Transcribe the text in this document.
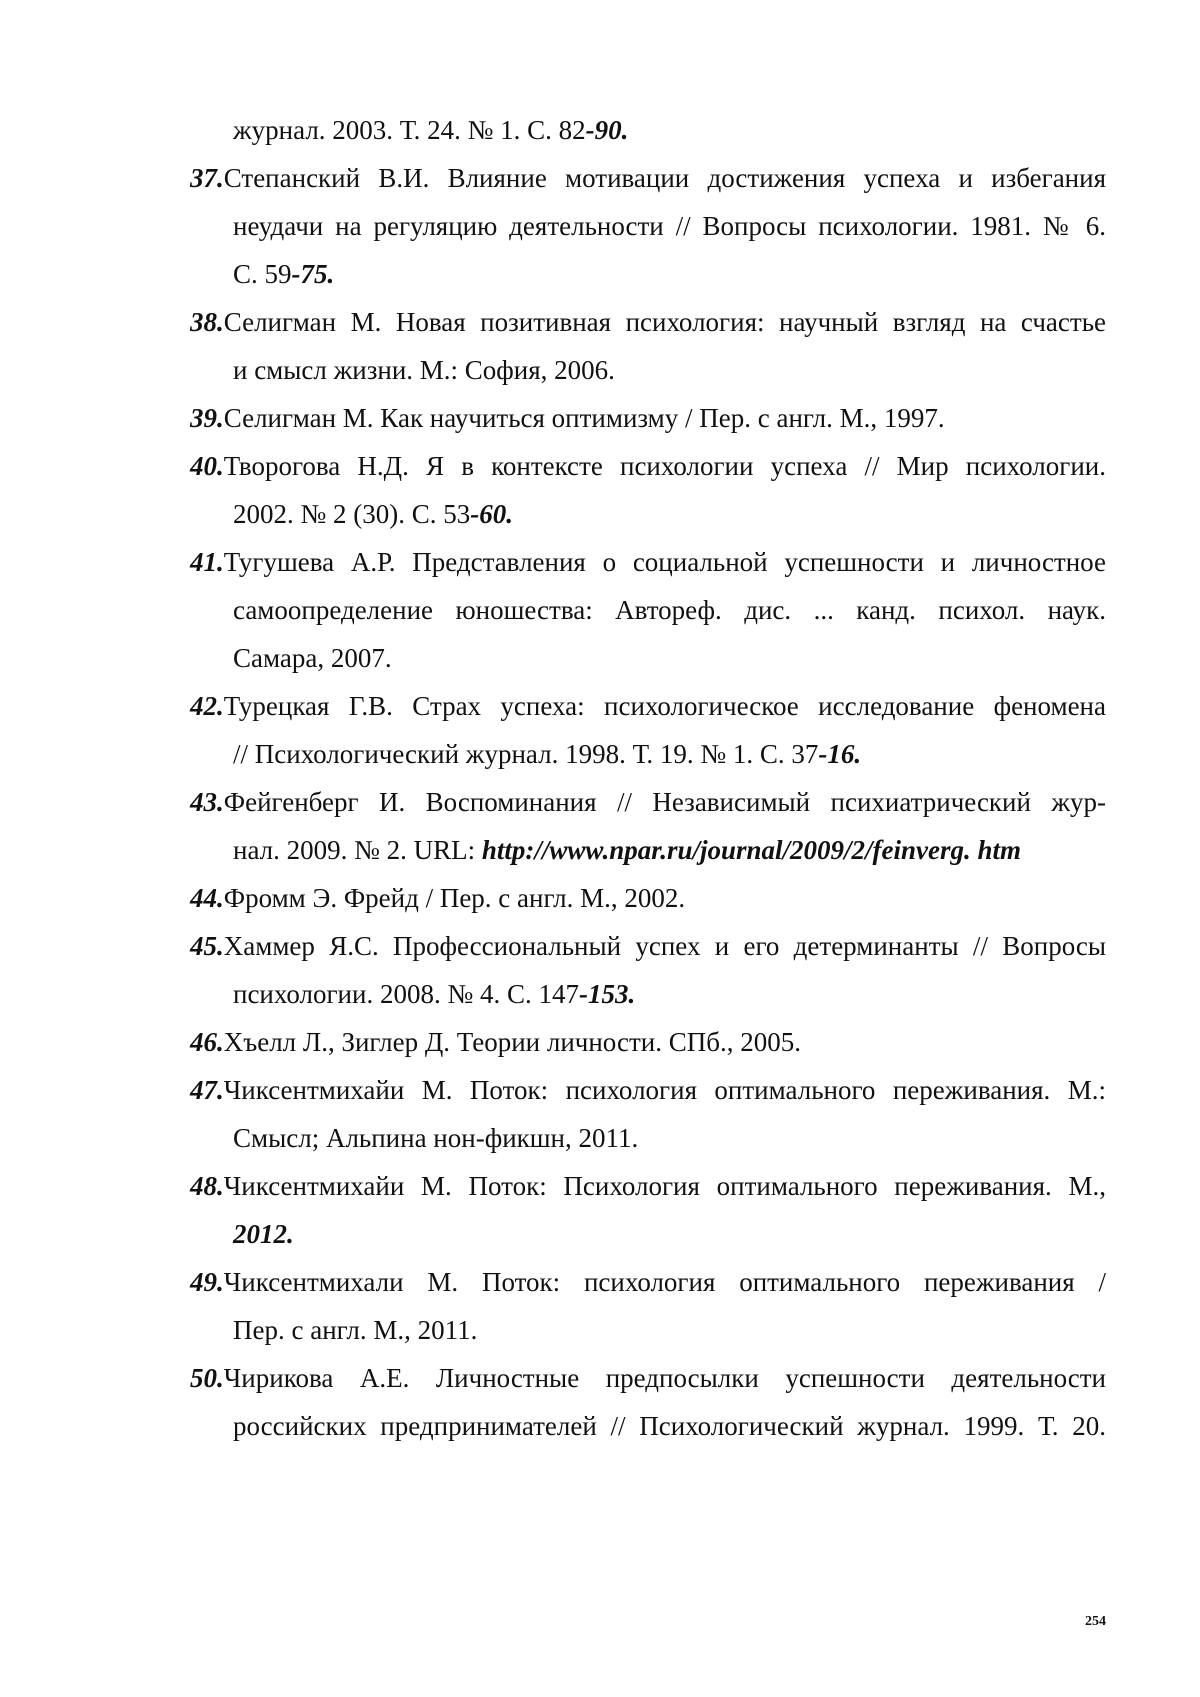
журнал. 2003. Т. 24. № 1. С. 82-90.
37.Степанский В.И. Влияние мотивации достижения успеха и избегания
неудачи на регуляцию деятельности // Вопросы психологии. 1981. № 6.
С. 59-75.
38.Селигман М. Новая позитивная психология: научный взгляд на счастье
и смысл жизни. М.: София, 2006.
39.Селигман М. Как научиться оптимизму / Пер. с англ. М., 1997.
40.Творогова Н.Д. Я в контексте психологии успеха // Мир психологии.
2002. № 2 (30). С. 53-60.
41.Тугушева А.Р. Представления о социальной успешности и личностное
самоопределение юношества: Автореф. дис. ... канд. психол. наук.
Самара, 2007.
42.Турецкая Г.В. Страх успеха: психологическое исследование феномена
// Психологический журнал. 1998. Т. 19. № 1. С. 37-16.
43.Фейгенберг И. Воспоминания // Независимый психиатрический жур-
нал. 2009. № 2. URL: http://www.npar.ru/journal/2009/2/feinverg. htm
44.Фромм Э. Фрейд / Пер. с англ. М., 2002.
45.Хаммер Я.С. Профессиональный успех и его детерминанты // Вопросы
психологии. 2008. № 4. С. 147-153.
46.Хъелл Л., Зиглер Д. Теории личности. СПб., 2005.
47.Чиксентмихайи М. Поток: психология оптимального переживания. М.:
Смысл; Альпина нон-фикшн, 2011.
48.Чиксентмихайи М. Поток: Психология оптимального переживания. М.,
2012.
49.Чиксентмихали М. Поток: психология оптимального переживания /
Пер. с англ. М., 2011.
50.Чирикова А.Е. Личностные предпосылки успешности деятельности
российских предпринимателей // Психологический журнал. 1999. Т. 20.
254
